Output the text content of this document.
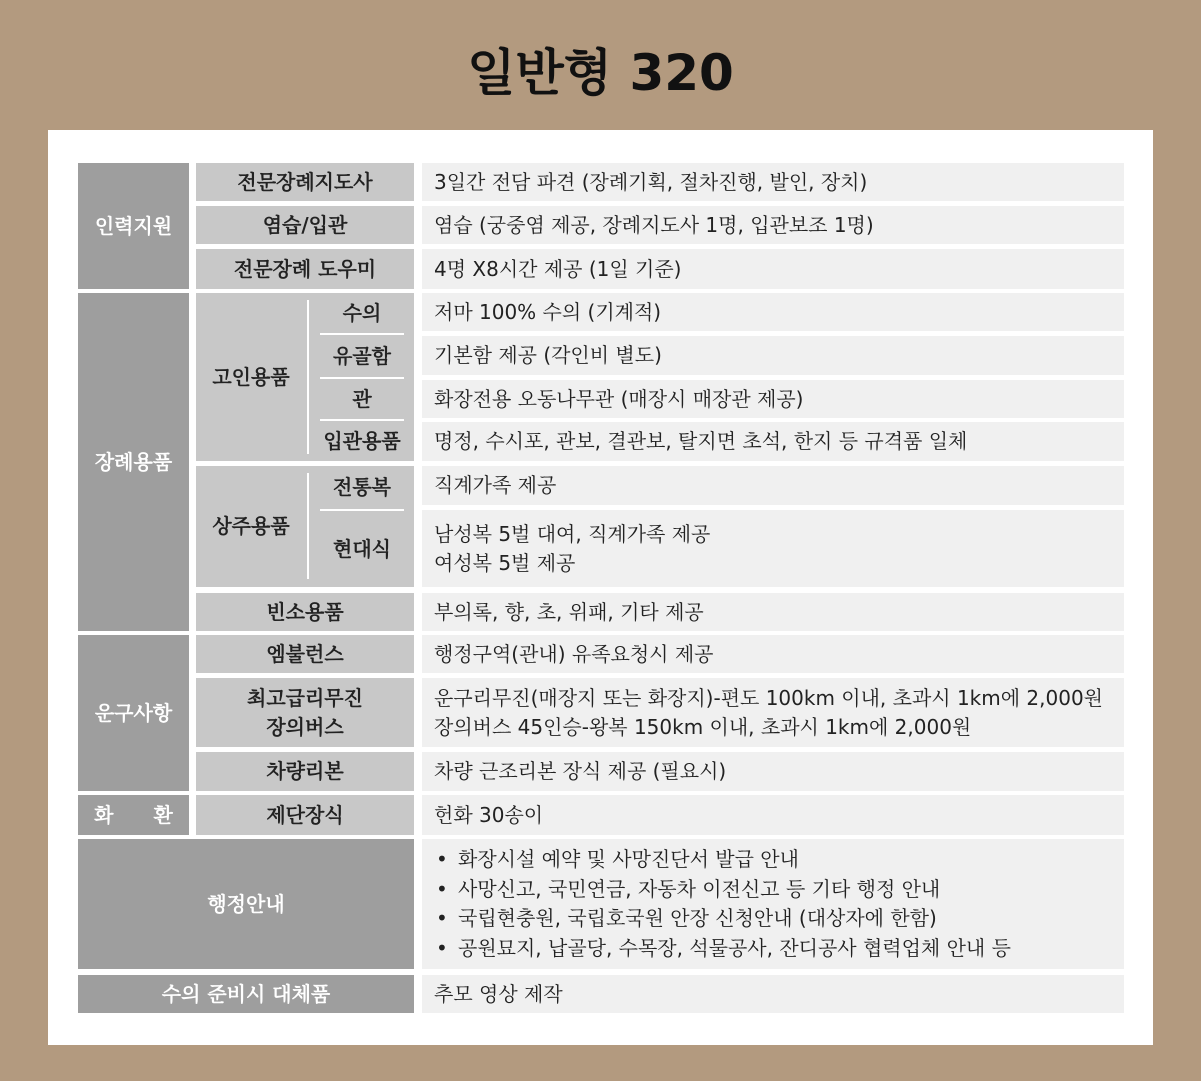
일반형 320
인력지원
장례용품
운구사항
화　　환
행정안내
수의 준비시 대체품
전문장례지도사
염습/입관
전문장례 도우미
고인용품
수의
유골함
관
입관용품
상주용품
전통복
현대식
빈소용품
엠불런스
최고급리무진
장의버스
차량리본
제단장식
3일간 전담 파견 (장례기획, 절차진행, 발인, 장치)
염습 (궁중염 제공, 장례지도사 1명, 입관보조 1명)
4명 X8시간 제공 (1일 기준)
저마 100% 수의 (기계적)
기본함 제공 (각인비 별도)
화장전용 오동나무관 (매장시 매장관 제공)
명정, 수시포, 관보, 결관보, 탈지면 초석, 한지 등 규격품 일체
직계가족 제공
남성복 5벌 대여, 직계가족 제공
여성복 5벌 제공
부의록, 향, 초, 위패, 기타 제공
행정구역(관내) 유족요청시 제공
운구리무진(매장지 또는 화장지)-편도 100km 이내, 초과시 1km에 2,000원
장의버스 45인승-왕복 150km 이내, 초과시 1km에 2,000원
차량 근조리본 장식 제공 (필요시)
헌화 30송이
• 화장시설 예약 및 사망진단서 발급 안내
• 사망신고, 국민연금, 자동차 이전신고 등 기타 행정 안내
• 국립현충원, 국립호국원 안장 신청안내 (대상자에 한함)
• 공원묘지, 납골당, 수목장, 석물공사, 잔디공사 협력업체 안내 등
추모 영상 제작
